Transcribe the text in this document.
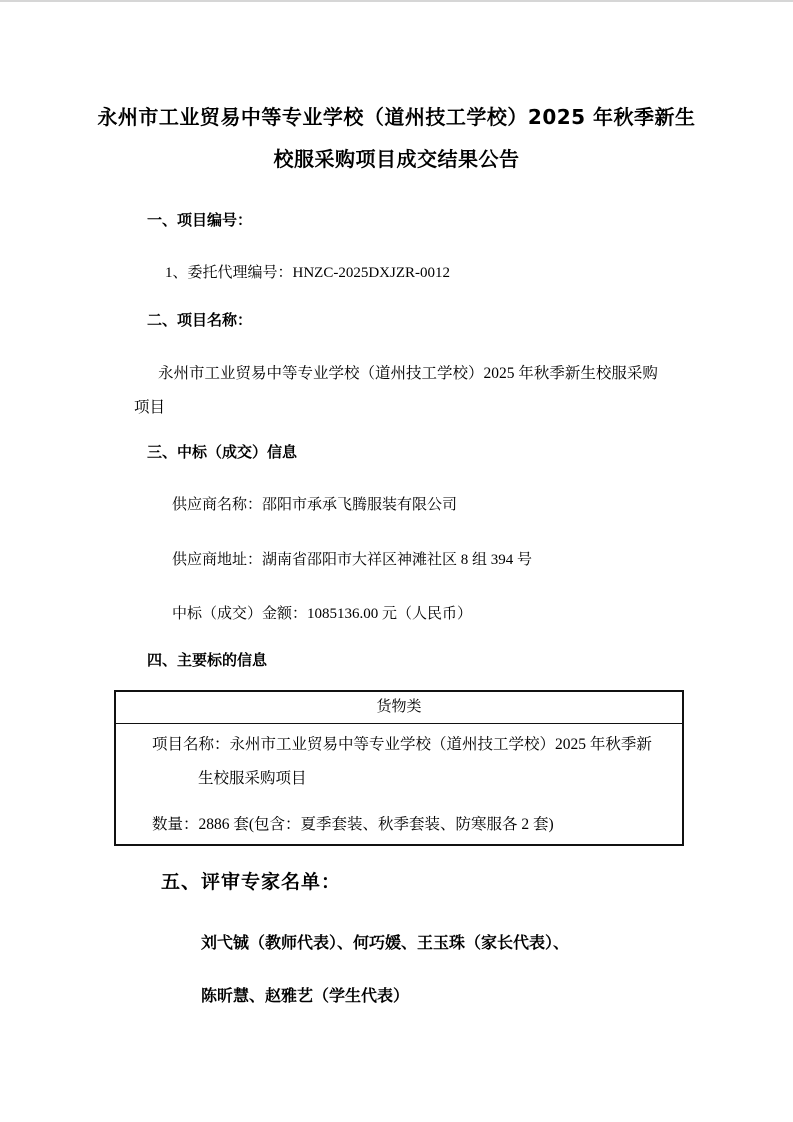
永州市工业贸易中等专业学校（道州技工学校）2025 年秋季新生
校服采购项目成交结果公告
一、项目编号：
1、委托代理编号：HNZC-2025DXJZR-0012
二、项目名称：
永州市工业贸易中等专业学校（道州技工学校）2025 年秋季新生校服采购项目
三、中标（成交）信息
供应商名称：邵阳市承承飞腾服装有限公司
供应商地址：湖南省邵阳市大祥区神滩社区 8 组 394 号
中标（成交）金额：1085136.00 元（人民币）
四、主要标的信息
货物类

项目名称：永州市工业贸易中等专业学校（道州技工学校）2025 年秋季新生校服采购项目

数量：2886 套(包含：夏季套装、秋季套装、防寒服各 2 套)

五、评审专家名单：
刘弋铖（教师代表）、何巧媛、王玉珠（家长代表）、
陈昕慧、赵雅艺（学生代表）
